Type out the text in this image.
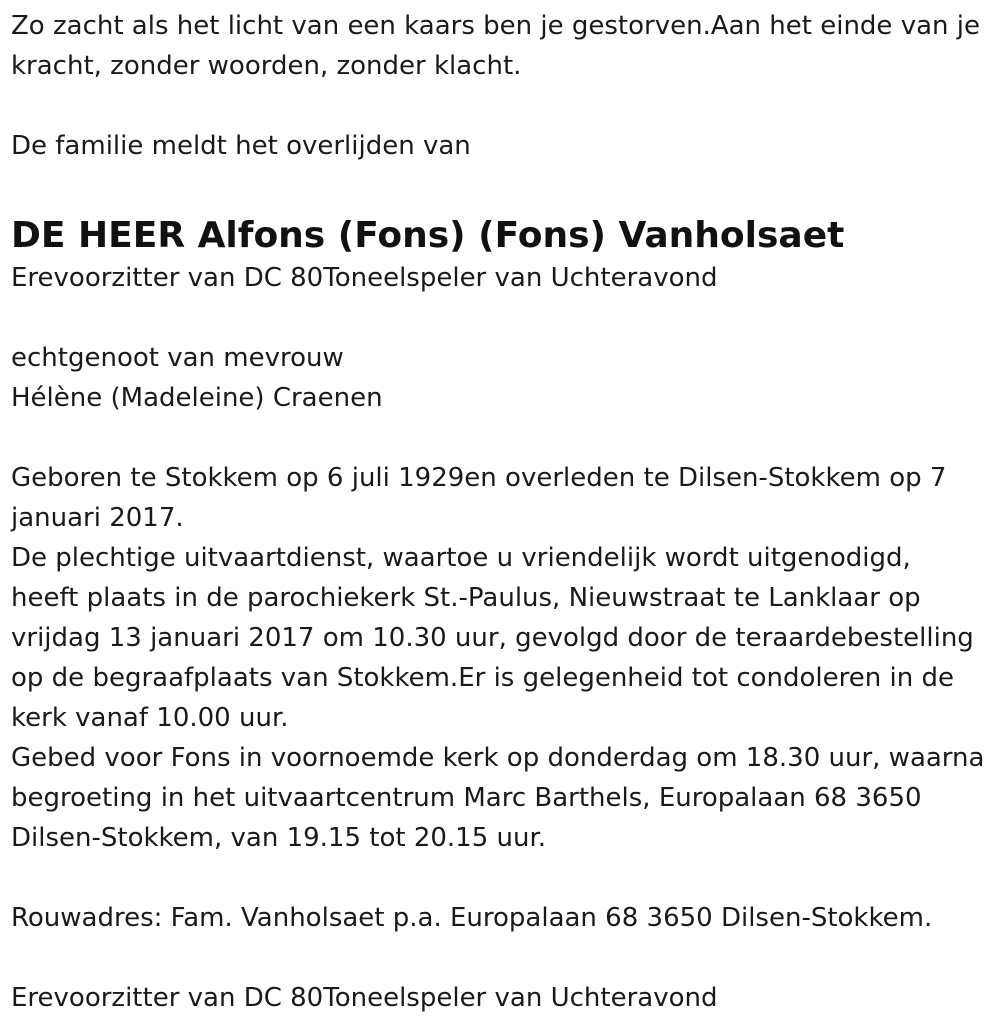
Zo zacht als het licht van een kaars ben je gestorven.Aan het einde van je kracht, zonder woorden, zonder klacht.

De familie meldt het overlijden van

DE HEER Alfons (Fons) (Fons) Vanholsaet

Erevoorzitter van DC 80Toneelspeler van Uchteravond

echtgenoot van mevrouw

Hélène (Madeleine) Craenen

Geboren te Stokkem op 6 juli 1929en overleden te Dilsen-Stokkem op 7 januari 2017.

De plechtige uitvaartdienst, waartoe u vriendelijk wordt uitgenodigd, heeft plaats in de parochiekerk St.-Paulus, Nieuwstraat te Lanklaar op vrijdag 13 januari 2017 om 10.30 uur, gevolgd door de teraardebestelling op de begraafplaats van Stokkem.Er is gelegenheid tot condoleren in de kerk vanaf 10.00 uur.

Gebed voor Fons in voornoemde kerk op donderdag om 18.30 uur, waarna begroeting in het uitvaartcentrum Marc Barthels, Europalaan 68 3650 Dilsen-Stokkem, van 19.15 tot 20.15 uur.

Rouwadres: Fam. Vanholsaet p.a. Europalaan 68 3650 Dilsen-Stokkem.

Erevoorzitter van DC 80Toneelspeler van Uchteravond
